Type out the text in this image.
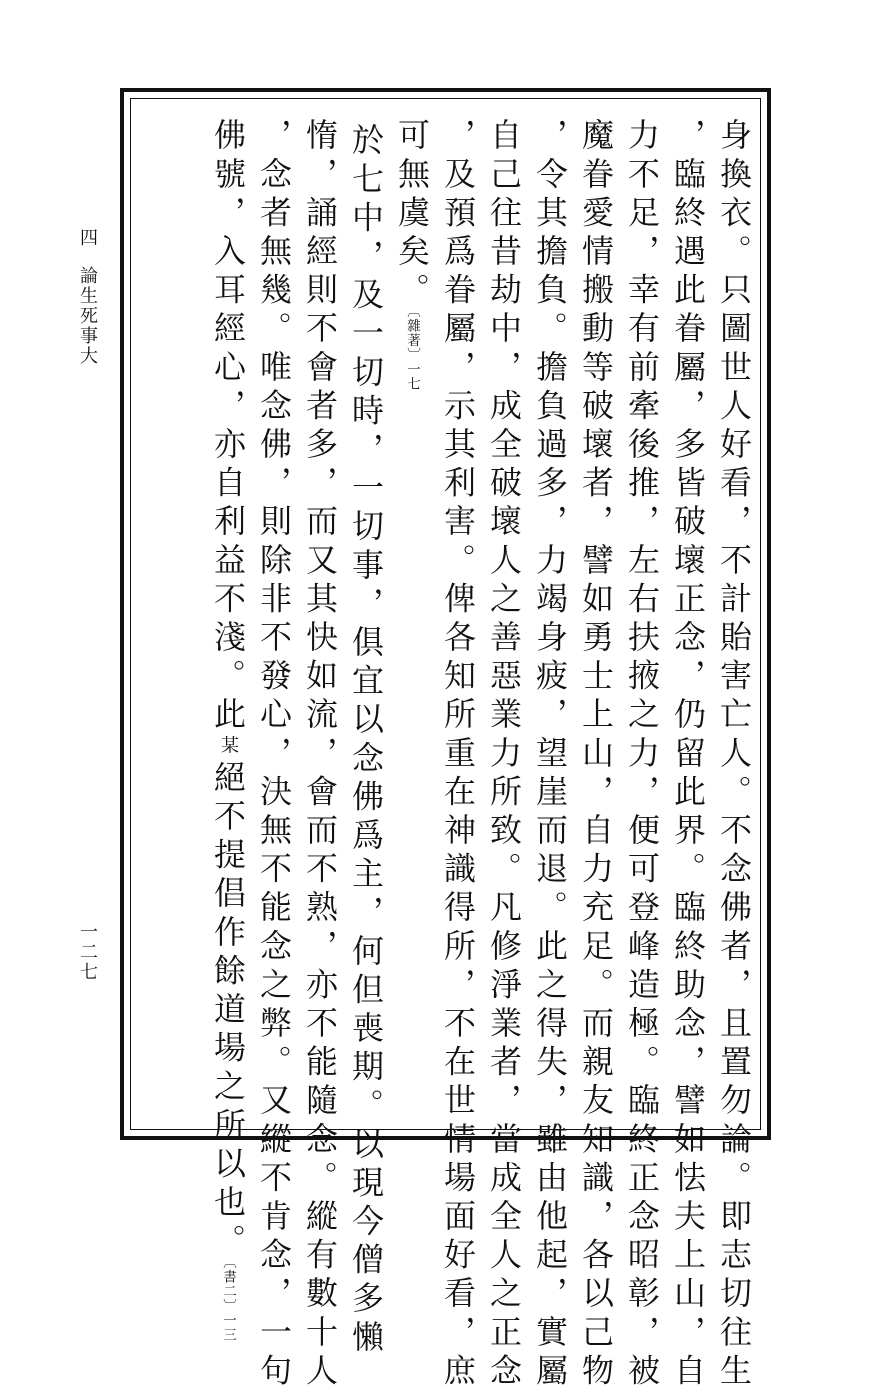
四
論生死事大
一二七	身換衣。只圖世人好看，不計貽害亡人。不念佛者，且置勿論。即志切往生
，臨終遇此眷屬，多皆破壞正念，仍留此界。臨終助念，譬如怯夫上山，自
力不足，幸有前牽後推，左右扶掖之力，便可登峰造極。臨終正念昭彰，被
魔眷愛情搬動等破壞者，譬如勇士上山，自力充足。而親友知識，各以己物
，令其擔負。擔負過多，力竭身疲，望崖而退。此之得失，雖由他起，實屬
自己往昔劫中，成全破壞人之善惡業力所致。凡修淨業者，當成全人之正念
，及預爲眷屬，示其利害。俾各知所重在神識得所，不在世情場面好看，庶
可無虞矣。〔雜著〕一七
於七中，及一切時，一切事，俱宜以念佛爲主，何但喪期。以現今僧多懶
惰，誦經則不會者多，而又其快如流，會而不熟，亦不能隨念。縱有數十人
，念者無幾。唯念佛，則除非不發心，決無不能念之弊。又縱不肯念，一句
佛號，入耳經心，亦自利益不淺。此某絕不提倡作餘道場之所以也。〔書二〕一三
